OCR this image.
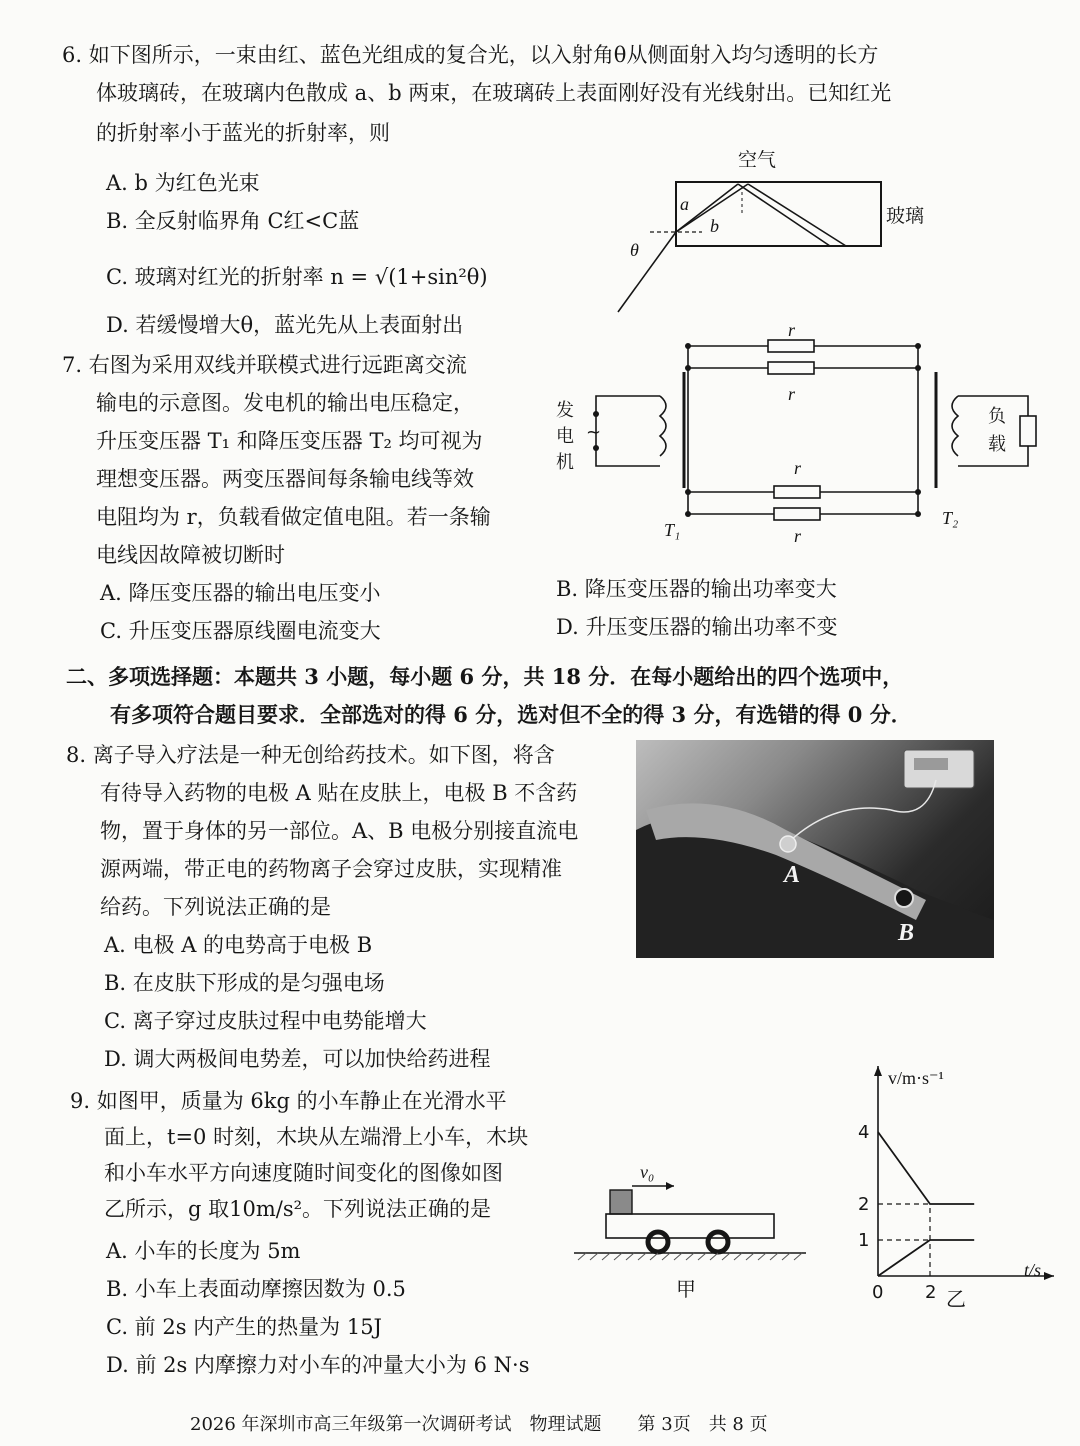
6. 如下图所示，一束由红、蓝色光组成的复合光，以入射角θ从侧面射入均匀透明的长方
体玻璃砖，在玻璃内色散成 a、b 两束，在玻璃砖上表面刚好没有光线射出。已知红光
的折射率小于蓝光的折射率，则
A. b 为红色光束
B. 全反射临界角 C红<C蓝
C. 玻璃对红光的折射率 n = √(1+sin²θ)
D. 若缓慢增大θ，蓝光先从上表面射出
空气
玻璃
a
b
θ
7. 右图为采用双线并联模式进行远距离交流
输电的示意图。发电机的输出电压稳定，
升压变压器 T₁ 和降压变压器 T₂ 均可视为
理想变压器。两变压器间每条输电线等效
电阻均为 r，负载看做定值电阻。若一条输
电线因故障被切断时
A. 降压变压器的输出电压变小	B. 降压变压器的输出功率变大
C. 升压变压器原线圈电流变大	D. 升压变压器的输出功率不变
r
r
r
r
~
发
电
机
负
载
T₁
T₂
二、多项选择题：本题共 3 小题，每小题 6 分，共 18 分．在每小题给出的四个选项中，
有多项符合题目要求．全部选对的得 6 分，选对但不全的得 3 分，有选错的得 0 分．
8. 离子导入疗法是一种无创给药技术。如下图，将含
有待导入药物的电极 A 贴在皮肤上，电极 B 不含药
物，置于身体的另一部位。A、B 电极分别接直流电
源两端，带正电的药物离子会穿过皮肤，实现精准
给药。下列说法正确的是
A. 电极 A 的电势高于电极 B
B. 在皮肤下形成的是匀强电场
C. 离子穿过皮肤过程中电势能增大
D. 调大两极间电势差，可以加快给药进程
A
B
9. 如图甲，质量为 6kg 的小车静止在光滑水平
面上，t=0 时刻，木块从左端滑上小车，木块
和小车水平方向速度随时间变化的图像如图
乙所示，g 取10m/s²。下列说法正确的是
A. 小车的长度为 5m
B. 小车上表面动摩擦因数为 0.5
C. 前 2s 内产生的热量为 15J
D. 前 2s 内摩擦力对小车的冲量大小为 6 N·s
v₀
甲
v/m·s⁻¹
t/s
0 2
1
2
4
乙
2026 年深圳市高三年级第一次调研考试　物理试题　　第 3页　共 8 页
